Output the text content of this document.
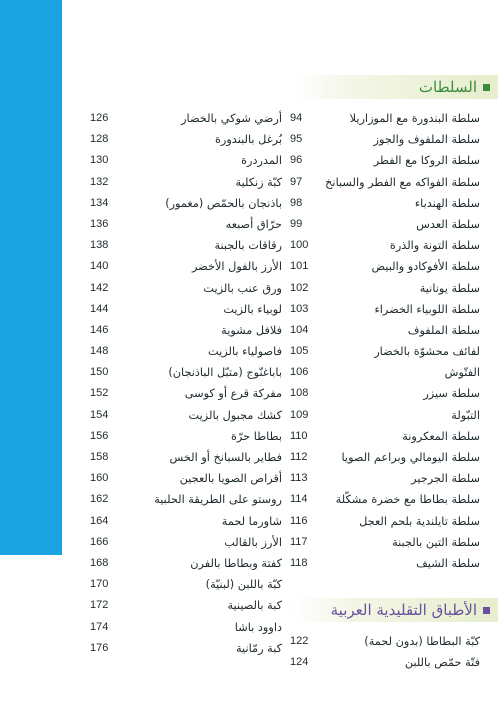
السلطات
سلطة البندورة مع الموزاريلا
94
سلطة الملفوف والجوز
95
سلطة الروكا مع الفطر
96
سلطة الفواكه مع الفطر والسبانخ
97
سلطة الهندباء
98
سلطة العدس
99
سلطة التونة والذرة
100
سلطة الأفوكادو والبيض
101
سلطة يونانية
102
سلطة اللوبياء الخضراء
103
سلطة الملفوف
104
لفائف محشوّة بالخضار
105
الفتّوش
106
سلطة سيزر
108
التبّولة
109
سلطة المعكرونة
110
سلطة اليومالي وبراعم الصويا
112
سلطة الجرجير
113
سلطة بطاطا مع خضرة مشكّلة
114
سلطة تايلندية بلحم العجل
116
سلطة التين بالجبنة
117
سلطة الشيف
118
أرضي شوكي بالخضار
126
بُرغل بالبندورة
128
المدردرة
130
كبّة زنكلية
132
باذنجان بالحمّص (مغمور)
134
حرّاق أصبعه
136
رقاقات بالجبنة
138
الأرز بالفول الأخضر
140
ورق عنب بالزيت
142
لوبياء بالزيت
144
فلافل مشوية
146
فاصولياء بالزيت
148
باباغنّوج (متبّل الباذنجان)
150
مفركة قرع أو كوسى
152
كشك مجبول بالزيت
154
بطاطا حرّة
156
فطاير بالسبانخ أو الخس
158
أقراص الصويا بالعجين
160
روستو على الطريقة الحلبية
162
شاورما لحمة
164
الأرز بالقالب
166
كفتة وبطاطا بالفرن
168
كبّة باللبن (لبنيّة)
170
كبة بالصينية
172
داوود باشا
174
كبة رمّانية
176
الأطباق التقليدية العربية
كبّة البطاطا (بدون لحمة)
122
فتّة حمّص باللبن
124
